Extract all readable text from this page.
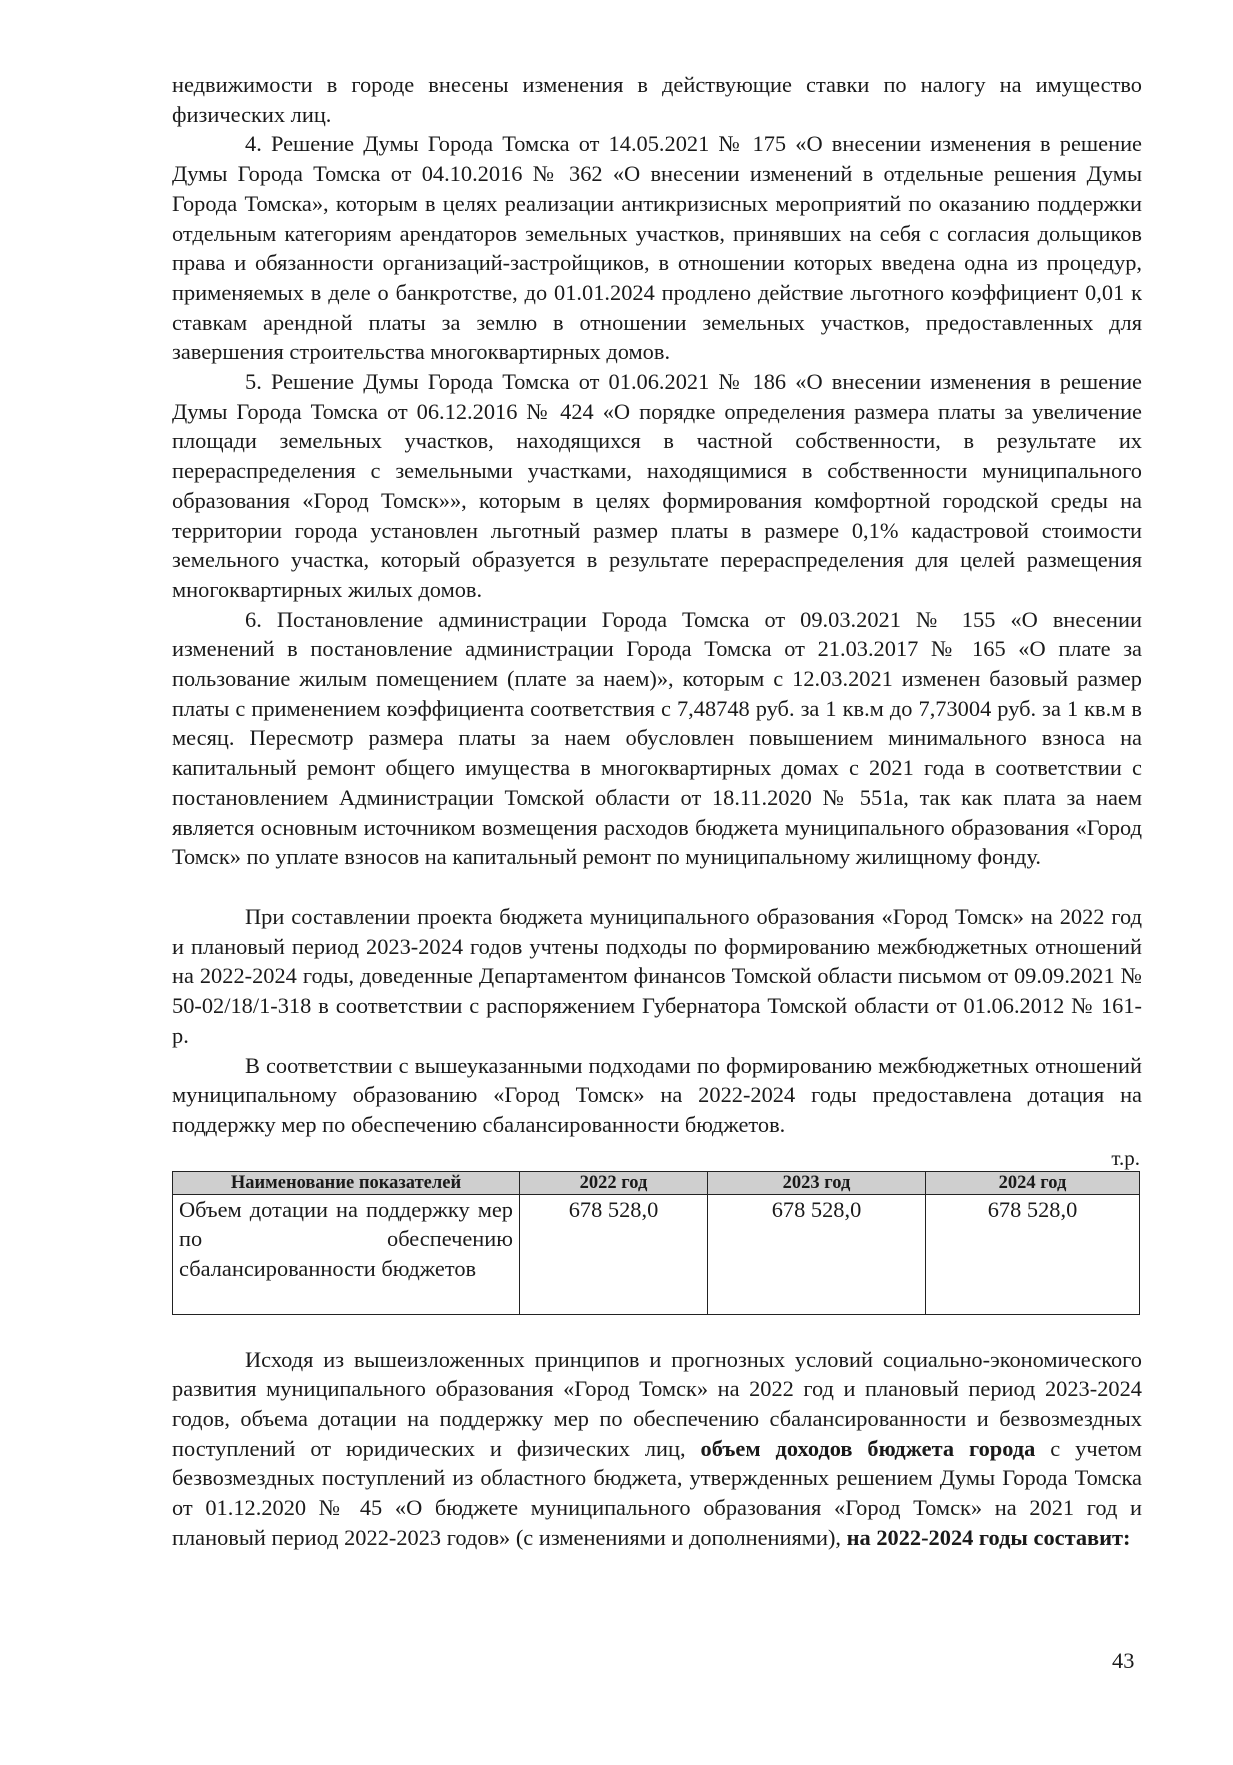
недвижимости в городе внесены изменения в действующие ставки по налогу на имущество физических лиц.

4. Решение Думы Города Томска от 14.05.2021 № 175 «О внесении изменения в решение Думы Города Томска от 04.10.2016 № 362 «О внесении изменений в отдельные решения Думы Города Томска», которым в целях реализации антикризисных мероприятий по оказанию поддержки отдельным категориям арендаторов земельных участков, принявших на себя с согласия дольщиков права и обязанности организаций-застройщиков, в отношении которых введена одна из процедур, применяемых в деле о банкротстве, до 01.01.2024 продлено действие льготного коэффициент 0,01 к ставкам арендной платы за землю в отношении земельных участков, предоставленных для завершения строительства многоквартирных домов.

5. Решение Думы Города Томска от 01.06.2021 № 186 «О внесении изменения в решение Думы Города Томска от 06.12.2016 № 424 «О порядке определения размера платы за увеличение площади земельных участков, находящихся в частной собственности, в результате их перераспределения с земельными участками, находящимися в собственности муниципального образования «Город Томск»», которым в целях формирования комфортной городской среды на территории города установлен льготный размер платы в размере 0,1% кадастровой стоимости земельного участка, который образуется в результате перераспределения для целей размещения многоквартирных жилых домов.

6. Постановление администрации Города Томска от 09.03.2021 № 155 «О внесении изменений в постановление администрации Города Томска от 21.03.2017 № 165 «О плате за пользование жилым помещением (плате за наем)», которым с 12.03.2021 изменен базовый размер платы с применением коэффициента соответствия с 7,48748 руб. за 1 кв.м до 7,73004 руб. за 1 кв.м в месяц. Пересмотр размера платы за наем обусловлен повышением минимального взноса на капитальный ремонт общего имущества в многоквартирных домах с 2021 года в соответствии с постановлением Администрации Томской области от 18.11.2020 № 551а, так как плата за наем является основным источником возмещения расходов бюджета муниципального образования «Город Томск» по уплате взносов на капитальный ремонт по муниципальному жилищному фонду.

При составлении проекта бюджета муниципального образования «Город Томск» на 2022 год и плановый период 2023-2024 годов учтены подходы по формированию межбюджетных отношений на 2022-2024 годы, доведенные Департаментом финансов Томской области письмом от 09.09.2021 № 50-02/18/1-318 в соответствии с распоряжением Губернатора Томской области от 01.06.2012 № 161-р.

В соответствии с вышеуказанными подходами по формированию межбюджетных отношений муниципальному образованию «Город Томск» на 2022-2024 годы предоставлена дотация на поддержку мер по обеспечению сбалансированности бюджетов.

т.р.
Наименование показателей	2022 год	2023 год	2024 год
Объем дотации на поддержку мер по обеспечению сбалансированности бюджетов	678 528,0	678 528,0	678 528,0

Исходя из вышеизложенных принципов и прогнозных условий социально-экономического развития муниципального образования «Город Томск» на 2022 год и плановый период 2023-2024 годов, объема дотации на поддержку мер по обеспечению сбалансированности и безвозмездных поступлений от юридических и физических лиц, объем доходов бюджета города с учетом безвозмездных поступлений из областного бюджета, утвержденных решением Думы Города Томска от 01.12.2020 № 45 «О бюджете муниципального образования «Город Томск» на 2021 год и плановый период 2022-2023 годов» (с изменениями и дополнениями), на 2022-2024 годы составит:

43
